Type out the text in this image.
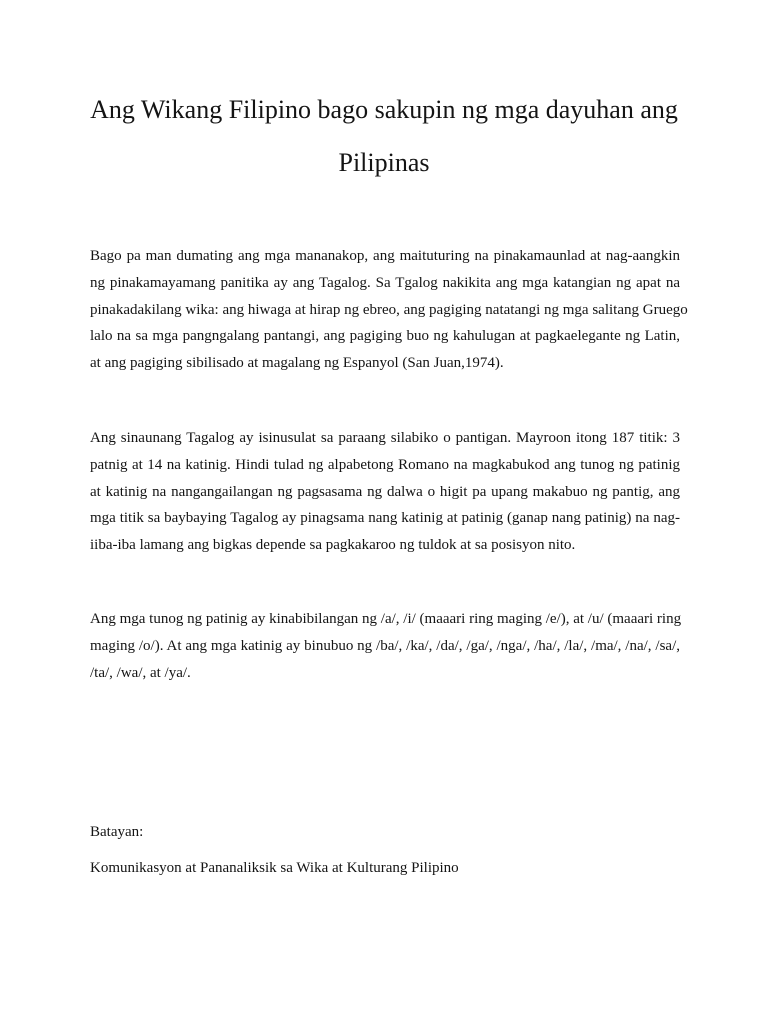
Ang Wikang Filipino bago sakupin ng mga dayuhan ang
Pilipinas

Bago pa man dumating ang mga mananakop, ang maituturing na pinakamaunlad at nag-aangkin
ng pinakamayamang panitika ay ang Tagalog. Sa Tgalog nakikita ang mga katangian ng apat na
pinakadakilang wika: ang hiwaga at hirap ng ebreo, ang pagiging natatangi ng mga salitang Gruego
lalo na sa mga pangngalang pantangi, ang pagiging buo ng kahulugan at pagkaelegante ng Latin,
at ang pagiging sibilisado at magalang ng Espanyol (San Juan,1974).

Ang sinaunang Tagalog ay isinusulat sa paraang silabiko o pantigan. Mayroon itong 187 titik: 3
patnig at 14 na katinig. Hindi tulad ng alpabetong Romano na magkabukod ang tunog ng patinig
at katinig na nangangailangan ng pagsasama ng dalwa o higit pa upang makabuo ng pantig, ang
mga titik sa baybaying Tagalog ay pinagsama nang katinig at patinig (ganap nang patinig) na nag-
iiba-iba lamang ang bigkas depende sa pagkakaroo ng tuldok at sa posisyon nito.

Ang mga tunog ng patinig ay kinabibilangan ng /a/, /i/ (maaari ring maging /e/), at /u/ (maaari ring
maging /o/). At ang mga katinig ay binubuo ng /ba/, /ka/, /da/, /ga/, /nga/, /ha/, /la/, /ma/, /na/, /sa/,
/ta/, /wa/, at /ya/.

Batayan:

Komunikasyon at Pananaliksik sa Wika at Kulturang Pilipino
